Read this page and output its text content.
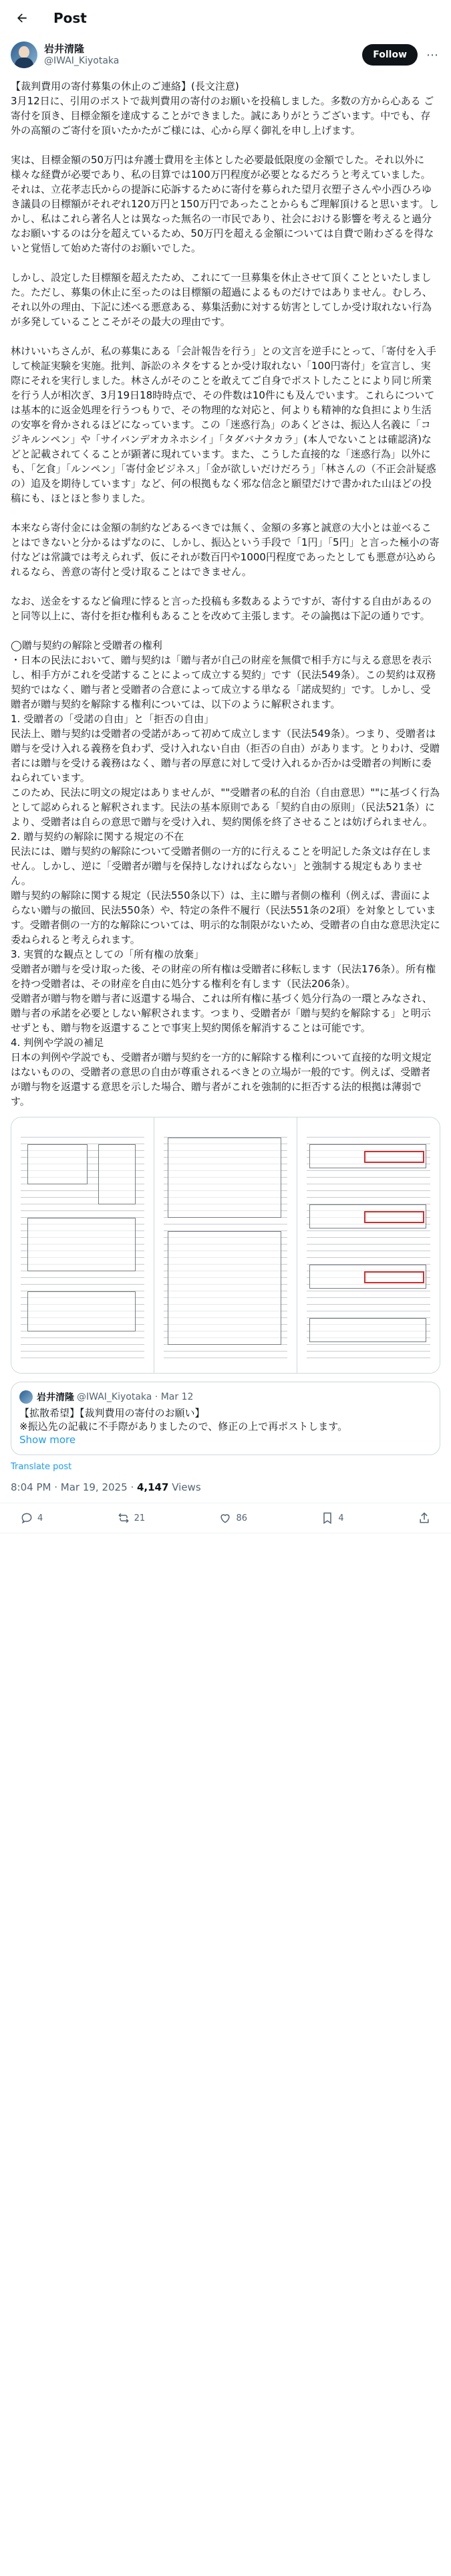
Post
岩井清隆
@IWAI_Kiyotaka
Follow	⋯
【裁判費用の寄付募集の休止のご連絡】(長文注意)
3月12日に、引用のポストで裁判費用の寄付のお願いを投稿しました。多数の方から心ある ご寄付を頂き、目標金額を達成することができました。誠にありがとうございます。中でも、存外の高額のご寄付を頂いたかたがご様には、心から厚く御礼を申し上げます。
実は、目標金額の50万円は弁護士費用を主体とした必要最低限度の金額でした。それ以外に様々な経費が必要であり、私の目算では100万円程度が必要となるだろうと考えていました。それは、立花孝志氏からの提訴に応訴するために寄付を募られた望月衣塑子さんや小西ひろゆき議員の目標額がそれぞれ120万円と150万円であったことからもご理解頂けると思います。しかし、私はこれら著名人とは異なった無名の一市民であり、社会における影響を考えると過分なお願いするのは分を超えているため、50万円を超える金額については自費で賄わざるを得ないと覚悟して始めた寄付のお願いでした。
しかし、設定した目標額を超えたため、これにて一旦募集を休止させて頂くことといたしました。ただし、募集の休止に至ったのは目標額の超過によるものだけではありません。むしろ、それ以外の理由、下記に述べる悪意ある、募集活動に対する妨害としてしか受け取れない行為が多発していることこそがその最大の理由です。
林けいいちさんが、私の募集にある「会計報告を行う」との文言を逆手にとって、「寄付を入手して検証実験を実施。批判、訴訟のネタをするとか受け取れない「100円寄付」を宣言し、実際にそれを実行しました。林さんがそのことを敢えてご自身でポストしたことにより同じ所業を行う人が相次ぎ、3月19日18時時点で、その件数は10件にも及んでいます。これらについては基本的に返金処理を行うつもりで、その物理的な対応と、何よりも精神的な負担により生活の安寧を脅かされるほどになっています。この「迷惑行為」のあくどさは、振込人名義に「コジキルンペン」や「サイバンデオカネホシイ」「タダバナタカラ」(本人でないことは確認済)などと記載されてくることが顕著に現れています。また、こうした直接的な「迷惑行為」以外にも、「乞食」「ルンペン」「寄付金ビジネス」「金が欲しいだけだろう」「林さんの（不正会計疑惑の）追及を期待しています」など、何の根拠もなく邪な信念と願望だけで書かれた山ほどの投稿にも、ほとほと参りました。
本来なら寄付金には金額の制約などあるべきでは無く、金額の多寡と誠意の大小とは並べることはできないと分かるはずなのに、しかし、振込という手段で「1円」「5円」と言った極小の寄付などは常識では考えられず、仮にそれが数百円や1000円程度であったとしても悪意が込められるなら、善意の寄付と受け取ることはできません。
なお、送金をするなど倫理に悖ると言った投稿も多数あるようですが、寄付する自由があるのと同等以上に、寄付を拒む権利もあることを改めて主張します。その論拠は下記の通りです。
◯贈与契約の解除と受贈者の権利
・日本の民法において、贈与契約は「贈与者が自己の財産を無償で相手方に与える意思を表示し、相手方がこれを受諾することによって成立する契約」です（民法549条）。この契約は双務契約ではなく、贈与者と受贈者の合意によって成立する単なる「諾成契約」です。しかし、受贈者が贈与契約を解除する権利については、以下のように解釈されます。
1. 受贈者の「受諾の自由」と「拒否の自由」
民法上、贈与契約は受贈者の受諾があって初めて成立します（民法549条）。つまり、受贈者は贈与を受け入れる義務を負わず、受け入れない自由（拒否の自由）があります。とりわけ、受贈者には贈与を受ける義務はなく、贈与者の厚意に対して受け入れるか否かは受贈者の判断に委ねられています。
このため、民法に明文の規定はありませんが、""受贈者の私的自治（自由意思）""に基づく行為として認められると解釈されます。民法の基本原則である「契約自由の原則」（民法521条）により、受贈者は自らの意思で贈与を受け入れ、契約関係を終了させることは妨げられません。
2. 贈与契約の解除に関する規定の不在
民法には、贈与契約の解除について受贈者側の一方的に行えることを明記した条文は存在しません。しかし、逆に「受贈者が贈与を保持しなければならない」と強制する規定もありません。
贈与契約の解除に関する規定（民法550条以下）は、主に贈与者側の権利（例えば、書面によらない贈与の撤回、民法550条）や、特定の条件不履行（民法551条の2項）を対象としています。受贈者側の一方的な解除については、明示的な制限がないため、受贈者の自由な意思決定に委ねられると考えられます。
3. 実質的な観点としての「所有権の放棄」
受贈者が贈与を受け取った後、その財産の所有権は受贈者に移転します（民法176条）。所有権を持つ受贈者は、その財産を自由に処分する権利を有します（民法206条）。
受贈者が贈与物を贈与者に返還する場合、これは所有権に基づく処分行為の一環とみなされ、贈与者の承諾を必要としない解釈されます。つまり、受贈者が「贈与契約を解除する」と明示せずとも、贈与物を返還することで事実上契約関係を解消することは可能です。
4. 判例や学説の補足
日本の判例や学説でも、受贈者が贈与契約を一方的に解除する権利について直接的な明文規定はないものの、受贈者の意思の自由が尊重されるべきとの立場が一般的です。例えば、受贈者が贈与物を返還する意思を示した場合、贈与者がこれを強制的に拒否する法的根拠は薄弱です。
岩井清隆 @IWAI_Kiyotaka · Mar 12
【拡散希望】【裁判費用の寄付のお願い】
※振込先の記載に不手際がありましたので、修正の上で再ポストします。
Show more
Translate post
8:04 PM · Mar 19, 2025 · 4,147 Views
4	21	86	4
